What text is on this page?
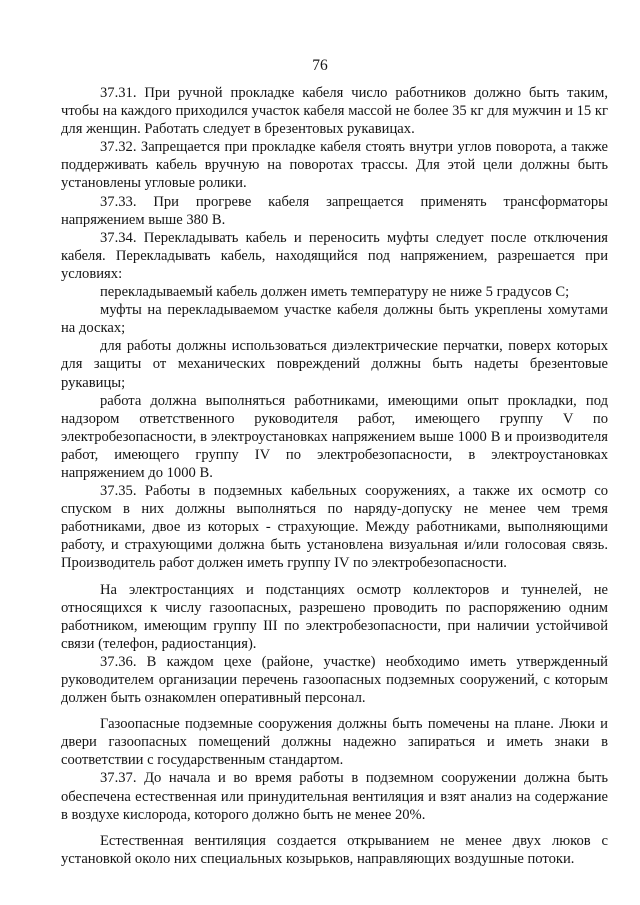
76

37.31. При ручной прокладке кабеля число работников должно быть таким, чтобы на каждого приходился участок кабеля массой не более 35 кг для мужчин и 15 кг для женщин. Работать следует в брезентовых рукавицах.

37.32. Запрещается при прокладке кабеля стоять внутри углов поворота, а также поддерживать кабель вручную на поворотах трассы. Для этой цели должны быть установлены угловые ролики.

37.33. При прогреве кабеля запрещается применять трансформаторы напряжением выше 380 В.

37.34. Перекладывать кабель и переносить муфты следует после отключения кабеля. Перекладывать кабель, находящийся под напряжением, разрешается при условиях:

перекладываемый кабель должен иметь температуру не ниже 5 градусов С;

муфты на перекладываемом участке кабеля должны быть укреплены хомутами на досках;

для работы должны использоваться диэлектрические перчатки, поверх которых для защиты от механических повреждений должны быть надеты брезентовые рукавицы;

работа должна выполняться работниками, имеющими опыт прокладки, под надзором ответственного руководителя работ, имеющего группу V по электробезопасности, в электроустановках напряжением выше 1000 В и производителя работ, имеющего группу IV по электробезопасности, в электроустановках напряжением до 1000 В.

37.35. Работы в подземных кабельных сооружениях, а также их осмотр со спуском в них должны выполняться по наряду-допуску не менее чем тремя работниками, двое из которых - страхующие. Между работниками, выполняющими работу, и страхующими должна быть установлена визуальная и/или голосовая связь. Производитель работ должен иметь группу IV по электробезопасности.

На электростанциях и подстанциях осмотр коллекторов и туннелей, не относящихся к числу газоопасных, разрешено проводить по распоряжению одним работником, имеющим группу III по электробезопасности, при наличии устойчивой связи (телефон, радиостанция).

37.36. В каждом цехе (районе, участке) необходимо иметь утвержденный руководителем организации перечень газоопасных подземных сооружений, с которым должен быть ознакомлен оперативный персонал.

Газоопасные подземные сооружения должны быть помечены на плане. Люки и двери газоопасных помещений должны надежно запираться и иметь знаки в соответствии с государственным стандартом.

37.37. До начала и во время работы в подземном сооружении должна быть обеспечена естественная или принудительная вентиляция и взят анализ на содержание в воздухе кислорода, которого должно быть не менее 20%.

Естественная вентиляция создается открыванием не менее двух люков с установкой около них специальных козырьков, направляющих воздушные потоки.
